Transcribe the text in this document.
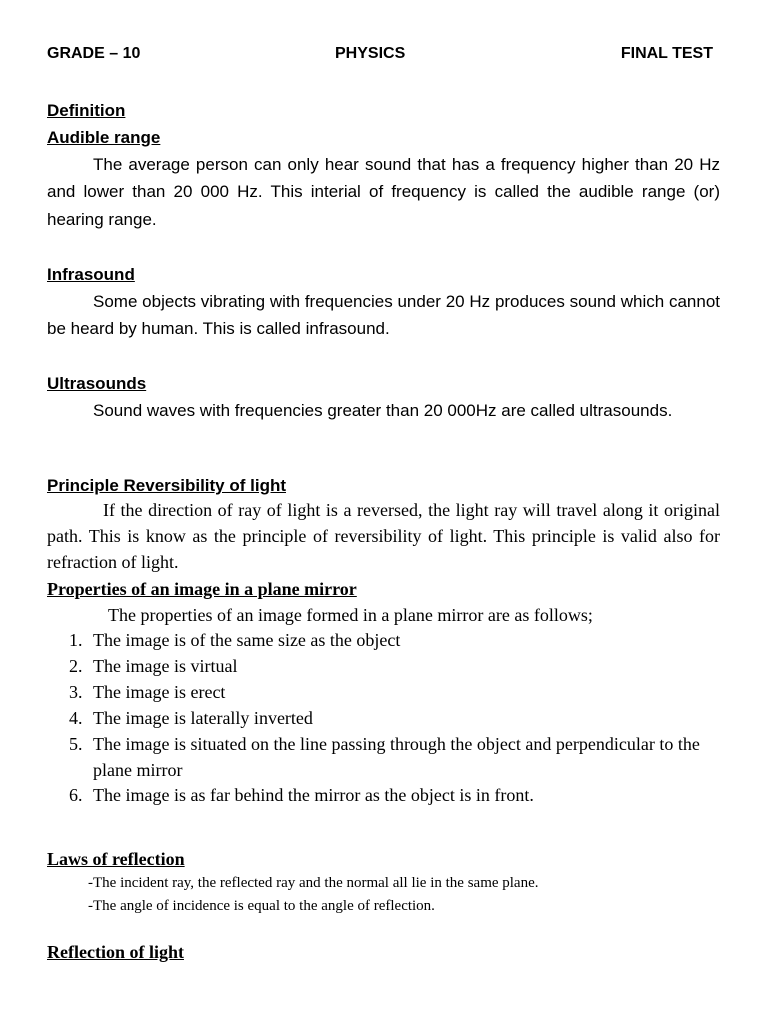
GRADE – 10	PHYSICS	FINAL TEST
Definition
Audible range

The average person can only hear sound that has a frequency higher than 20 Hz and lower than 20 000 Hz. This interial of frequency is called the audible range (or) hearing range.

Infrasound

Some objects vibrating with frequencies under 20 Hz produces sound which cannot be heard by human. This is called infrasound.

Ultrasounds

Sound waves with frequencies greater than 20 000Hz are called ultrasounds.

Principle Reversibility of light

If the direction of ray of light is a reversed, the light ray will travel along it original path. This is know as the principle of reversibility of light. This principle is valid also for refraction of light.

Properties of an image in a plane mirror
The properties of an image formed in a plane mirror are as follows;
1. The image is of the same size as the object
2. The image is virtual
3. The image is erect
4. The image is laterally inverted
5. The image is situated on the line passing through the object and perpendicular to the plane mirror
6. The image is as far behind the mirror as the object is in front.
Laws of reflection
-The incident ray, the reflected ray and the normal all lie in the same plane.
-The angle of incidence is equal to the angle of reflection.
Reflection of light
